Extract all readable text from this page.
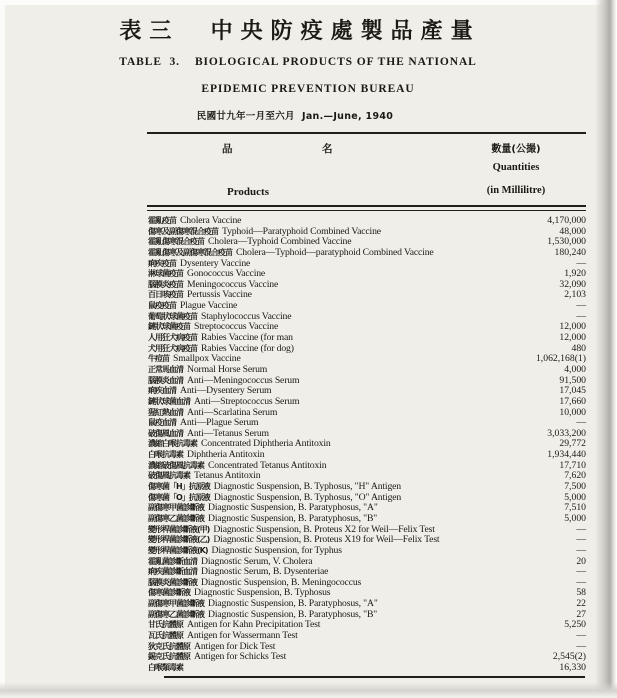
表三  中央防疫處製品產量
TABLE  3.    BIOLOGICAL PRODUCTS OF THE NATIONAL
EPIDEMIC PREVENTION BUREAU
民國廿九年一月至六月  Jan.—June, 1940
品	名	數量(公撮)
Quantities
Products	(in Millilitre)
霍亂疫苗 Cholera Vaccine	4,170,000
傷寒及副傷寒混合疫苗 Typhoid—Paratyphoid Combined Vaccine	48,000
霍亂傷寒混合疫苗 Cholera—Typhoid Combined Vaccine	1,530,000
霍亂傷寒及副傷寒混合疫苗 Cholera—Typhoid—paratyphoid Combined Vaccine	180,240
痢疾疫苗 Dysentery Vaccine	—
淋球菌疫苗 Gonococcus Vaccine	1,920
腦膜炎疫苗 Meningococcus Vaccine	32,090
百日咳疫苗 Pertussis Vaccine	2,103
鼠疫疫苗 Plague Vaccine	—
葡萄狀球菌疫苗 Staphylococcus Vaccine	—
鏈狀球菌疫苗 Streptococcus Vaccine	12,000
人用狂犬病疫苗 Rabies Vaccine (for man	12,000
犬用狂犬病疫苗 Rabies Vaccine (for dog)	480
牛痘苗 Smallpox Vaccine	1,062,168(1)
正常馬血清 Normal Horse Serum	4,000
腦膜炎血清 Anti—Meningococcus Serum	91,500
痢疾血清 Anti—Dysentery Serum	17,045
鏈狀球菌血清 Anti—Streptococcus Serum	17,660
猩紅熱血清 Anti—Scarlatina Serum	10,000
鼠疫血清 Anti—Plague Serum	—
破傷風血清 Anti—Tetanus Serum	3,033,200
濃縮白喉抗毒素 Concentrated Diphtheria Antitoxin	29,772
白喉抗毒素 Diphtheria Antitoxin	1,934,440
濃縮破傷風抗毒素 Concentrated Tetanus Antitoxin	17,710
破傷風抗毒素 Tetanus Antitoxin	7,620
傷寒菌「H」抗原液 Diagnostic Suspension, B. Typhosus, "H" Antigen	7,500
傷寒菌「O」抗原液 Diagnostic Suspension, B. Typhosus, "O" Antigen	5,000
副傷寒甲菌診斷液 Diagnostic Suspension, B. Paratyphosus, "A"	7,510
副傷寒乙菌診斷液 Diagnostic Suspension, B. Paratyphosus, "B"	5,000
變形桿菌診斷液(甲) Diagnostic Suspension, B. Proteus X2 for Weil—Felix Test	—
變形桿菌診斷液(乙) Diagnostic Suspension, B. Proteus X19 for Weil—Felix Test	—
變形桿菌診斷液(K) Diagnostic Suspension, for Typhus	—
霍亂菌診斷血清 Diagnostic Serum, V. Cholera	20
痢疾菌診斷血清 Diagnostic Serum, B. Dysenteriae	—
腦膜炎菌診斷液 Diagnostic Suspension, B. Meningococcus	—
傷寒菌診斷液 Diagnostic Suspension, B. Typhosus	58
副傷寒甲菌診斷液 Diagnostic Suspension, B. Paratyphosus, "A"	22
副傷寒乙菌診斷液 Diagnostic Suspension, B. Paratyphosus, "B"	27
甘氏抗體原 Antigen for Kahn Precipitation Test	5,250
瓦氏抗體原 Antigen for Wassermann Test	—
狄克氏抗體原 Antigen for Dick Test	—
錫克氏抗體原 Antigen for Schicks Test	2,545(2)
白喉類毒素	16,330
